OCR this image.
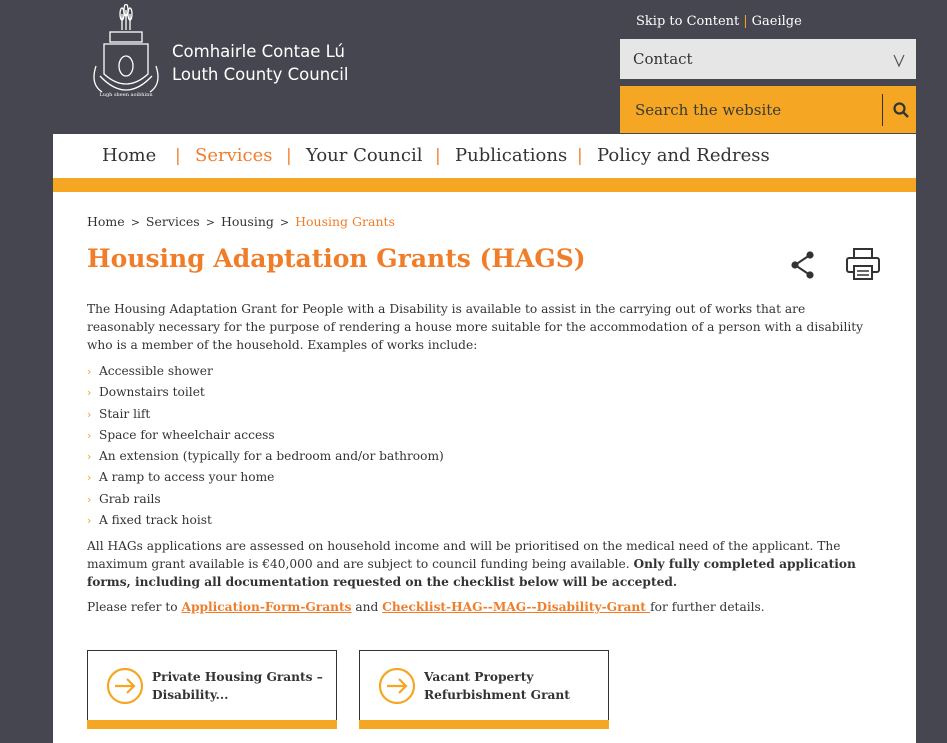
Lugh sheen aoibhinn
Comhairle Contae Lú
Louth County Council
Skip to Content | Gaeilge
Contact
Search the website
Home | Services | Your Council | Publications | Policy and Redress
Home > Services > Housing > Housing Grants
Housing Adaptation Grants (HAGS)

The Housing Adaptation Grant for People with a Disability is available to assist in the carrying out of works that are reasonably necessary for the purpose of rendering a house more suitable for the accommodation of a person with a disability who is a member of the household. Examples of works include:

› Accessible shower
› Downstairs toilet
› Stair lift
› Space for wheelchair access
› An extension (typically for a bedroom and/or bathroom)
› A ramp to access your home
› Grab rails
› A fixed track hoist

All HAGs applications are assessed on household income and will be prioritised on the medical need of the applicant. The maximum grant available is €40,000 and are subject to council funding being available. Only fully completed application forms, including all documentation requested on the checklist below will be accepted.

Please refer to Application-Form-Grants and Checklist-HAG--MAG--Disability-Grant for further details.

Private Housing Grants – Disability...
Vacant Property Refurbishment Grant
